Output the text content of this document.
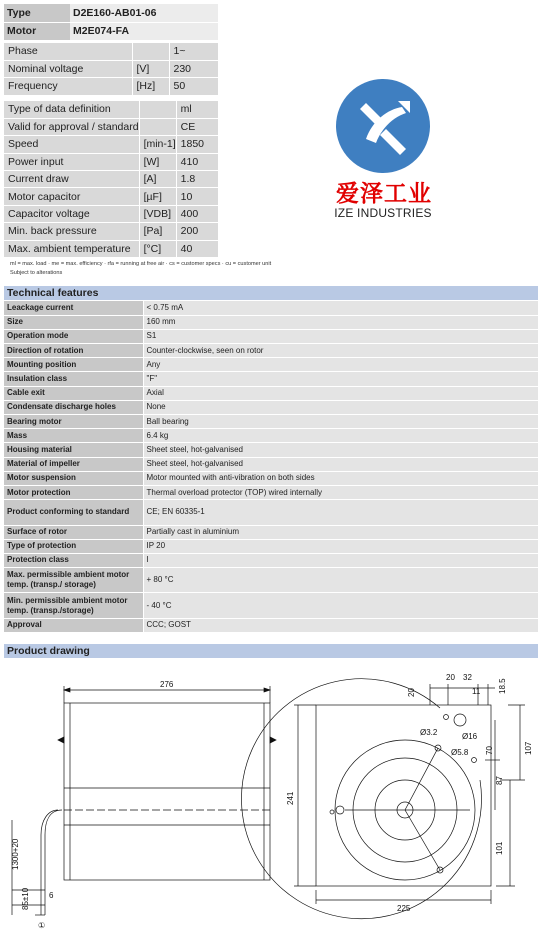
Type	D2E160-AB01-06
Motor	M2E074-FA
Phase		1~
Nominal voltage	[V]	230
Frequency	[Hz]	50
Type of data definition		ml
Valid for approval / standard		CE
Speed	[min-1]	1850
Power input	[W]	410
Current draw	[A]	1.8
Motor capacitor	[µF]	10
Capacitor voltage	[VDB]	400
Min. back pressure	[Pa]	200
Max. ambient temperature	[°C]	40
ml = max. load · me = max. efficiency · rfa = running at free air · cs = customer specs · cu = customer unit
Subject to alterations
爱泽工业
IZE INDUSTRIES
Technical features
Leackage current	< 0.75 mA
Size	160 mm
Operation mode	S1
Direction of rotation	Counter-clockwise, seen on rotor
Mounting position	Any
Insulation class	"F"
Cable exit	Axial
Condensate discharge holes	None
Bearing motor	Ball bearing
Mass	6.4 kg
Housing material	Sheet steel, hot-galvanised
Material of impeller	Sheet steel, hot-galvanised
Motor suspension	Motor mounted with anti-vibration on both sides
Motor protection	Thermal overload protector (TOP) wired internally
Product conforming to standard	CE; EN 60335-1
Surface of rotor	Partially cast in aluminium
Type of protection	IP 20
Protection class	I
Max. permissible ambient motor temp. (transp./ storage)	+ 80 °C
Min. permissible ambient motor temp. (transp./storage)	- 40 °C
Approval	CCC; GOST
Product drawing
276
1300+20
85±10 6
①
241
225
20 32
11 18.5
20
107
70
87
101
Ø3.2	Ø16
Ø5.8
